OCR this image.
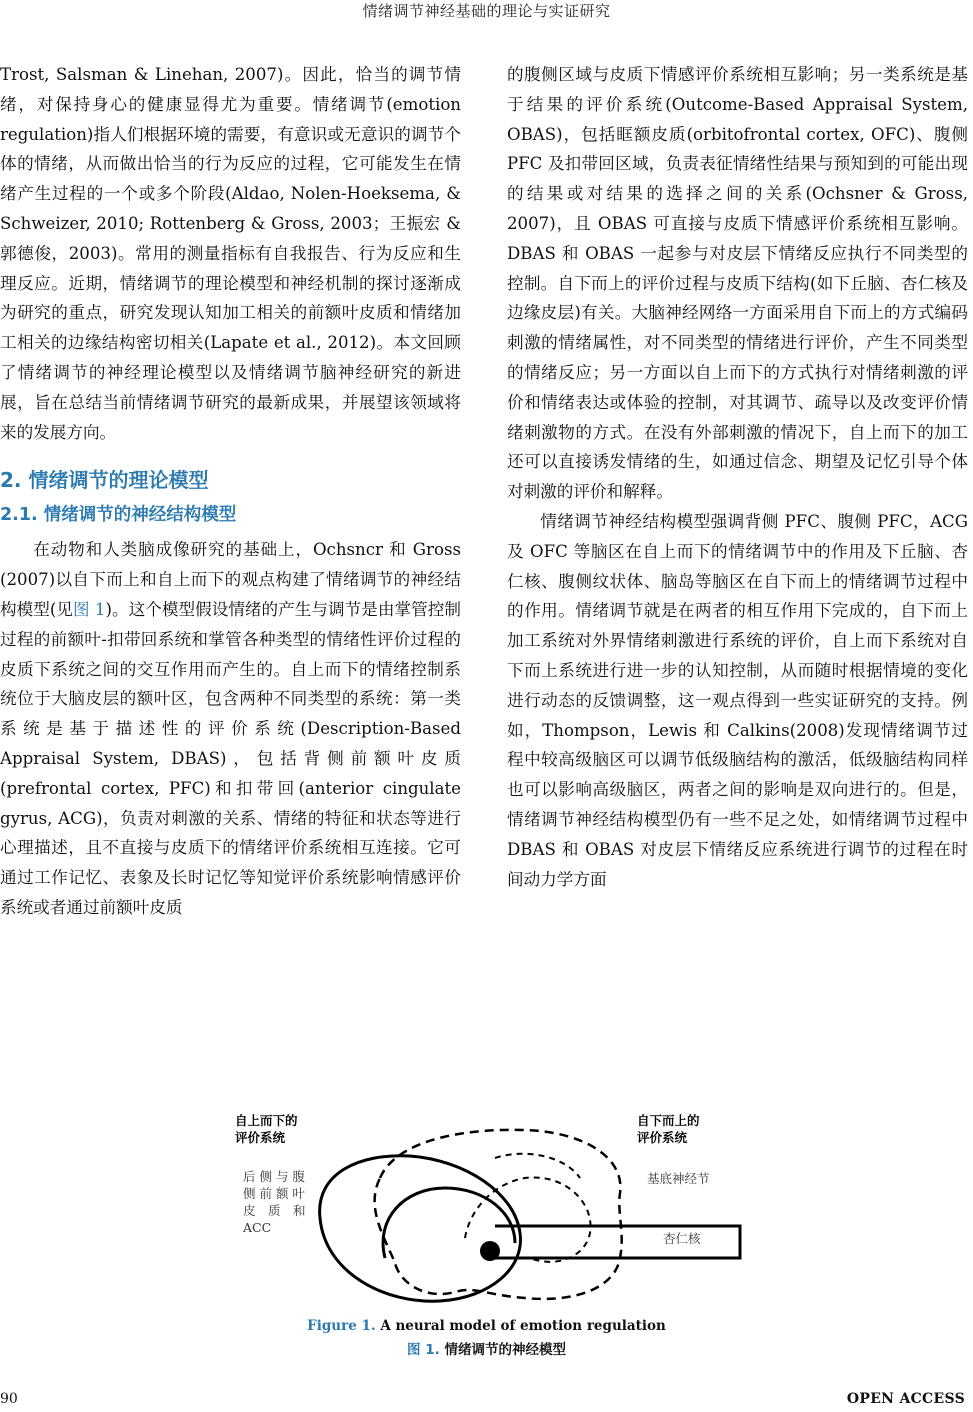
情绪调节神经基础的理论与实证研究

Trost, Salsman & Linehan, 2007)。因此，恰当的调节情绪，对保持身心的健康显得尤为重要。情绪调节(emotion regulation)指人们根据环境的需要，有意识或无意识的调节个体的情绪，从而做出恰当的行为反应的过程，它可能发生在情绪产生过程的一个或多个阶段(Aldao, Nolen-Hoeksema, & Schweizer, 2010; Rottenberg & Gross, 2003；王振宏 & 郭德俊，2003)。常用的测量指标有自我报告、行为反应和生理反应。近期，情绪调节的理论模型和神经机制的探讨逐渐成为研究的重点，研究发现认知加工相关的前额叶皮质和情绪加工相关的边缘结构密切相关(Lapate et al., 2012)。本文回顾了情绪调节的神经理论模型以及情绪调节脑神经研究的新进展，旨在总结当前情绪调节研究的最新成果，并展望该领域将来的发展方向。

2. 情绪调节的理论模型
2.1. 情绪调节的神经结构模型

在动物和人类脑成像研究的基础上，Ochsncr 和 Gross (2007)以自下而上和自上而下的观点构建了情绪调节的神经结构模型(见图 1)。这个模型假设情绪的产生与调节是由掌管控制过程的前额叶-扣带回系统和掌管各种类型的情绪性评价过程的皮质下系统之间的交互作用而产生的。自上而下的情绪控制系统位于大脑皮层的额叶区，包含两种不同类型的系统：第一类系统是基于描述性的评价系统(Description-Based Appraisal System, DBAS)，包括背侧前额叶皮质(prefrontal cortex, PFC)和扣带回(anterior cingulate gyrus, ACG)，负责对刺激的关系、情绪的特征和状态等进行心理描述，且不直接与皮质下的情绪评价系统相互连接。它可通过工作记忆、表象及长时记忆等知觉评价系统影响情感评价系统或者通过前额叶皮质

的腹侧区域与皮质下情感评价系统相互影响；另一类系统是基于结果的评价系统(Outcome-Based Appraisal System, OBAS)，包括眶额皮质(orbitofrontal cortex, OFC)、腹侧 PFC 及扣带回区域，负责表征情绪性结果与预知到的可能出现的结果或对结果的选择之间的关系(Ochsner & Gross, 2007)，且 OBAS 可直接与皮质下情感评价系统相互影响。DBAS 和 OBAS 一起参与对皮层下情绪反应执行不同类型的控制。自下而上的评价过程与皮质下结构(如下丘脑、杏仁核及边缘皮层)有关。大脑神经网络一方面采用自下而上的方式编码刺激的情绪属性，对不同类型的情绪进行评价，产生不同类型的情绪反应；另一方面以自上而下的方式执行对情绪刺激的评价和情绪表达或体验的控制，对其调节、疏导以及改变评价情绪刺激物的方式。在没有外部刺激的情况下，自上而下的加工还可以直接诱发情绪的生，如通过信念、期望及记忆引导个体对刺激的评价和解释。

情绪调节神经结构模型强调背侧 PFC、腹侧 PFC，ACG 及 OFC 等脑区在自上而下的情绪调节中的作用及下丘脑、杏仁核、腹侧纹状体、脑岛等脑区在自下而上的情绪调节过程中的作用。情绪调节就是在两者的相互作用下完成的，自下而上加工系统对外界情绪刺激进行系统的评价，自上而下系统对自下而上系统进行进一步的认知控制，从而随时根据情境的变化进行动态的反馈调整，这一观点得到一些实证研究的支持。例如，Thompson，Lewis 和 Calkins(2008)发现情绪调节过程中较高级脑区可以调节低级脑结构的激活，低级脑结构同样也可以影响高级脑区，两者之间的影响是双向进行的。但是，情绪调节神经结构模型仍有一些不足之处，如情绪调节过程中 DBAS 和 OBAS 对皮层下情绪反应系统进行调节的过程在时间动力学方面

自上而下的
评价系统
自下而上的
评价系统
后 侧 与 腹
侧 前 额 叶
皮　质　和
ACC
基底神经节
杏仁核
Figure 1. A neural model of emotion regulation
图 1. 情绪调节的神经模型
90	OPEN ACCESS
